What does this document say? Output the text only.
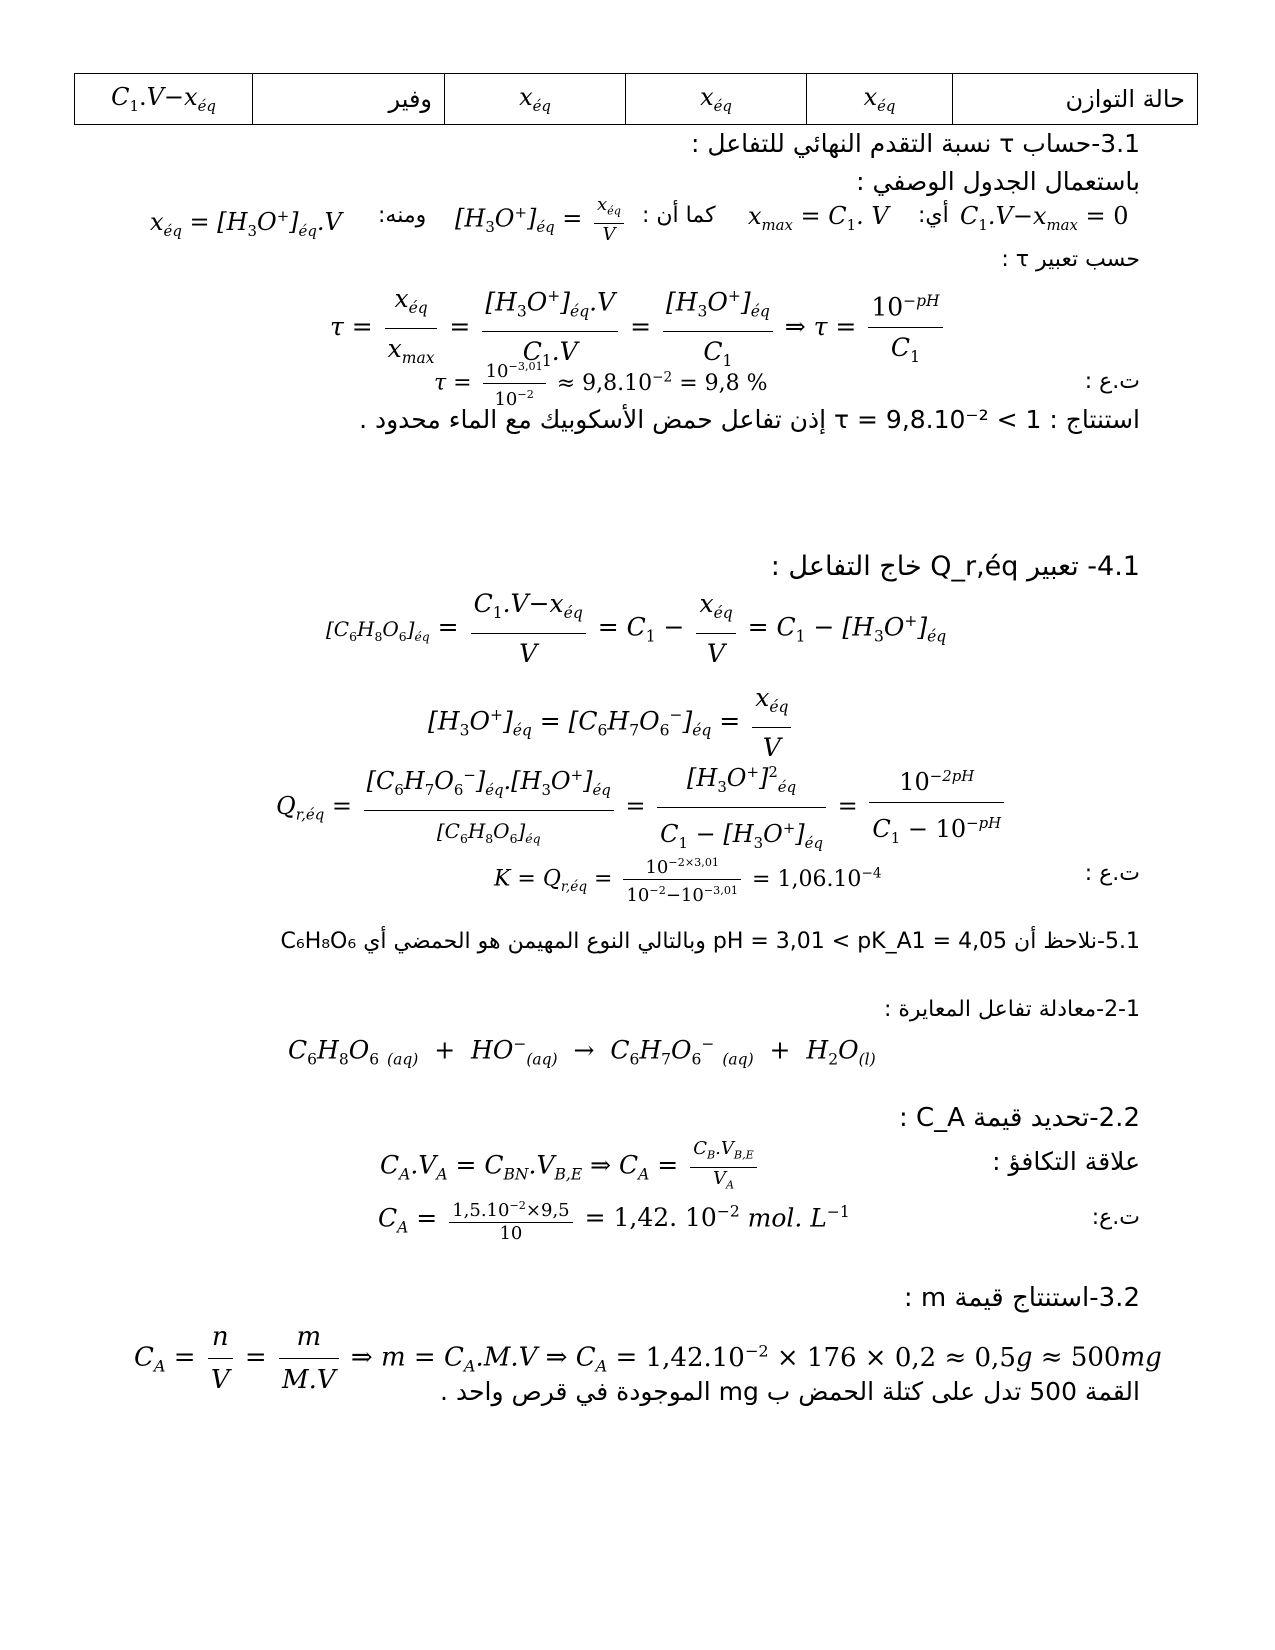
$C_1.V-x_{éq}$	وفير	$x_{éq}$	$x_{éq}$	$x_{éq}$	حالة التوازن
3.1-حساب τ نسبة التقدم النهائي للتفاعل :
باستعمال الجدول الوصفي :
$x_{éq} = [H_3O^+]_{éq}.V$ ومنه: $[H_3O^+]_{éq} = \frac{x_{éq}}{V}$ كما أن : $x_{max} = C_1$. V أي: $C_1.V-x_{max} = 0$
حسب تعبير τ :
$\tau = \frac{x_{éq}}{x_{max}} = \frac{[H_3O^+]_{éq}.V}{C_1.V} = \frac{[H_3O^+]_{éq}}{C_1}$ ⇒ $\tau = \frac{10^{-pH}}{C_1}$
$\tau = \frac{10^{-3,01}}{10^{-2}} \approx 9,8.10^{-2} = 9,8$ %	ت.ع :
استنتاج : τ = 9,8.10⁻² < 1 إذن تفاعل حمض الأسكوبيك مع الماء محدود .
4.1- تعبير Q_r,éq خاج التفاعل :
$[C_6H_8O_6]_{éq} = \frac{C_1.V-x_{éq}}{V} = C_1 - \frac{x_{éq}}{V} = C_1 - [H_3O^+]_{éq}$
$[H_3O^+]_{éq} = [C_6H_7O_6^-]_{éq} = \frac{x_{éq}}{V}$
$Q_{r,éq} = \frac{[C_6H_7O_6^-]_{éq}.[H_3O^+]_{éq}}{[C_6H_8O_6]_{éq}} = \frac{[H_3O^+]^2_{éq}}{C_1 - [H_3O^+]_{éq}} = \frac{10^{-2pH}}{C_1 - 10^{-pH}}$
$K = Q_{r,éq} = \frac{10^{-2\times 3,01}}{10^{-2}-10^{-3,01}} = 1,06.10^{-4}$	ت.ع :
5.1-نلاحظ أن pH = 3,01 < pK_A1 = 4,05 وبالتالي النوع المهيمن هو الحمضي أي C₆H₈O₆
2-1-معادلة تفاعل المعايرة :
$C_6H_8O_6$ $_{(aq)} + HO^-_{(aq)} \to C_6H_7O_6^-$ $_{(aq)} + H_2O_{(l)}$
2.2-تحديد قيمة C_A :
$C_A.V_A = C_{BN}.V_{B,E}$ ⇒ $C_A = \frac{C_B.V_{B,E}}{V_A}$	علاقة التكافؤ :
$C_A = \frac{1,5.10^{-2}\times 9,5}{10} = 1,42$. $10^{-2}$ mol. $L^{-1}$	ت.ع:
3.2-استنتاج قيمة m :
$C_A = \frac{n}{V} = \frac{m}{M.V}$ ⇒ $m = C_A.M.V$ ⇒ $C_A = 1,42.10^{-2} \times 176 \times 0,2 \approx 0,5g \approx 500mg$
القمة 500 تدل على كتلة الحمض ب mg الموجودة في قرص واحد .
